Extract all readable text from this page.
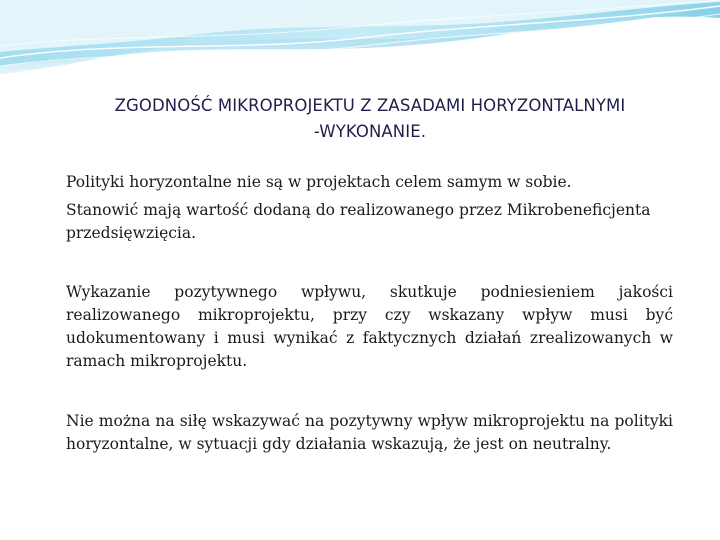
ZGODNOŚĆ MIKROPROJEKTU Z ZASADAMI HORYZONTALNYMI
-WYKONANIE.
Polityki horyzontalne nie są w projektach celem samym w sobie.
Stanowić mają wartość dodaną do realizowanego przez Mikrobeneficjenta przedsięwzięcia.
Wykazanie pozytywnego wpływu, skutkuje podniesieniem jakości realizowanego mikroprojektu, przy czy wskazany wpływ musi być udokumentowany i musi wynikać z faktycznych działań zrealizowanych w ramach mikroprojektu.
Nie można na siłę wskazywać na pozytywny wpływ mikroprojektu na polityki horyzontalne, w sytuacji gdy działania wskazują, że jest on neutralny.
